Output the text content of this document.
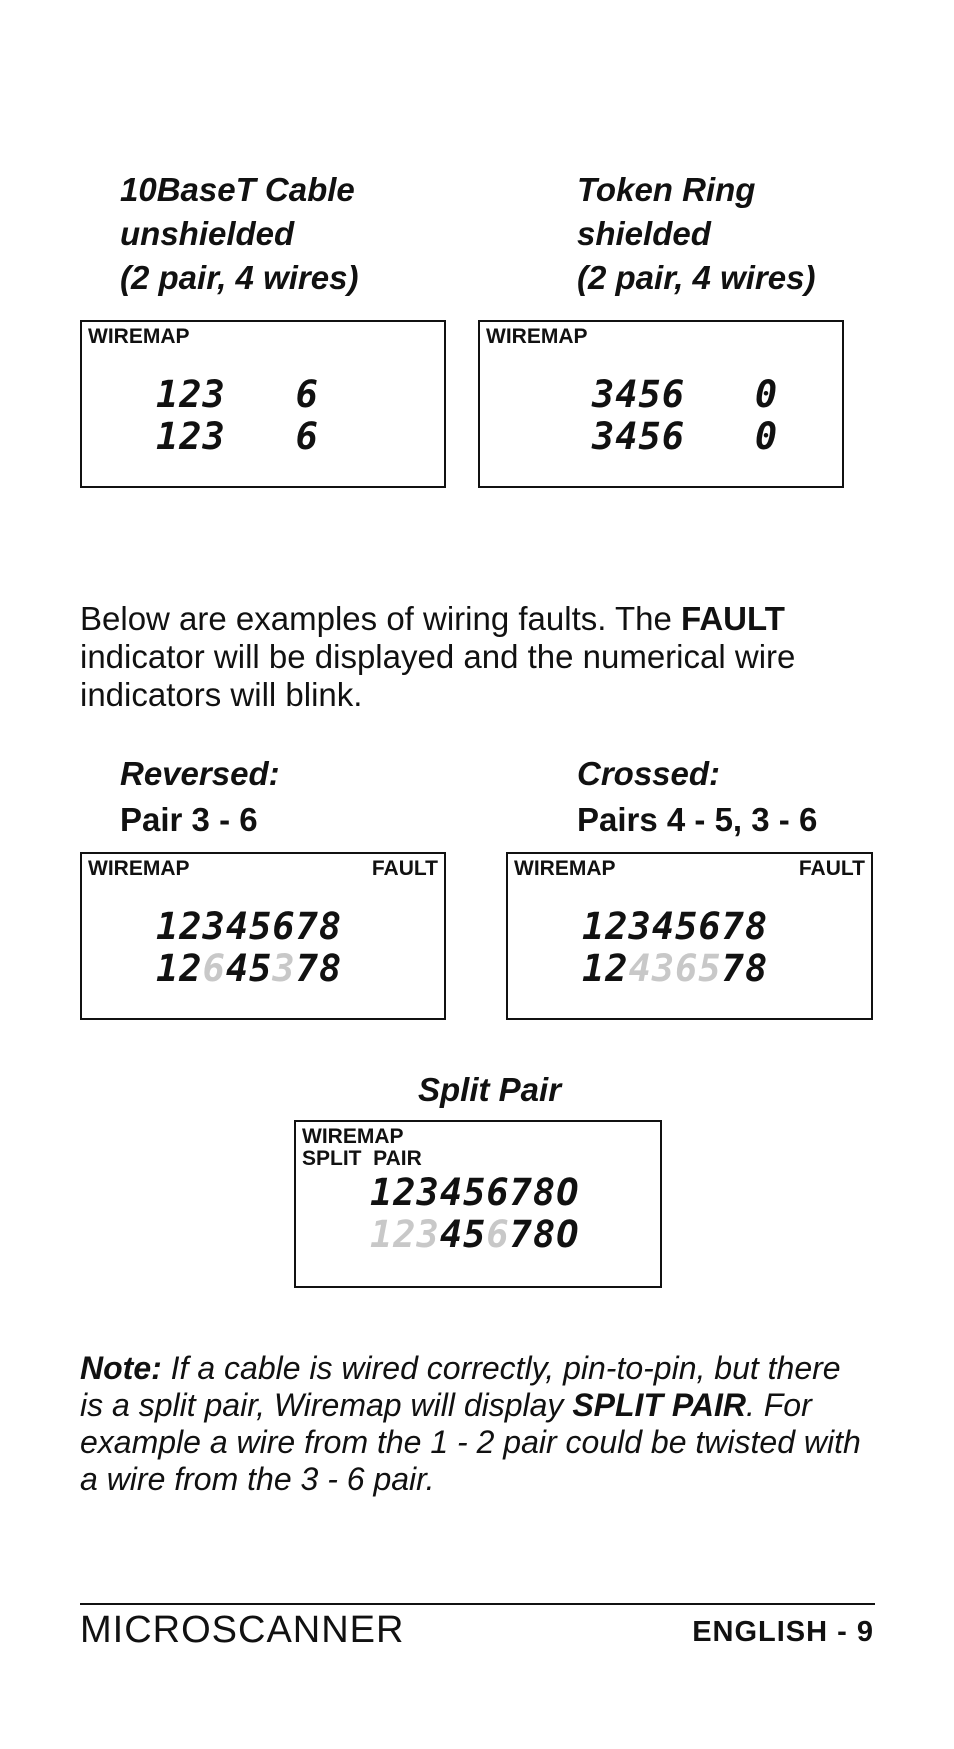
10BaseT Cable
unshielded
(2 pair, 4 wires)
WIREMAP
123   6
123   6
Token Ring
shielded
(2 pair, 4 wires)
WIREMAP
3456   0
3456   0
Below are examples of wiring faults. The FAULT indicator will be displayed and the numerical wire indicators will blink.
Reversed:
Pair 3 - 6
WIREMAP	FAULT
12345678
12645378
Crossed:
Pairs 4 - 5, 3 - 6
WIREMAP	FAULT
12345678
12436578
Split Pair
WIREMAP
SPLIT  PAIR
12345678O
12345678O
Note: If a cable is wired correctly, pin-to-pin, but there is a split pair, Wiremap will display SPLIT PAIR. For example a wire from the 1 - 2 pair could be twisted with a wire from the 3 - 6 pair.
MICROSCANNER	ENGLISH - 9
